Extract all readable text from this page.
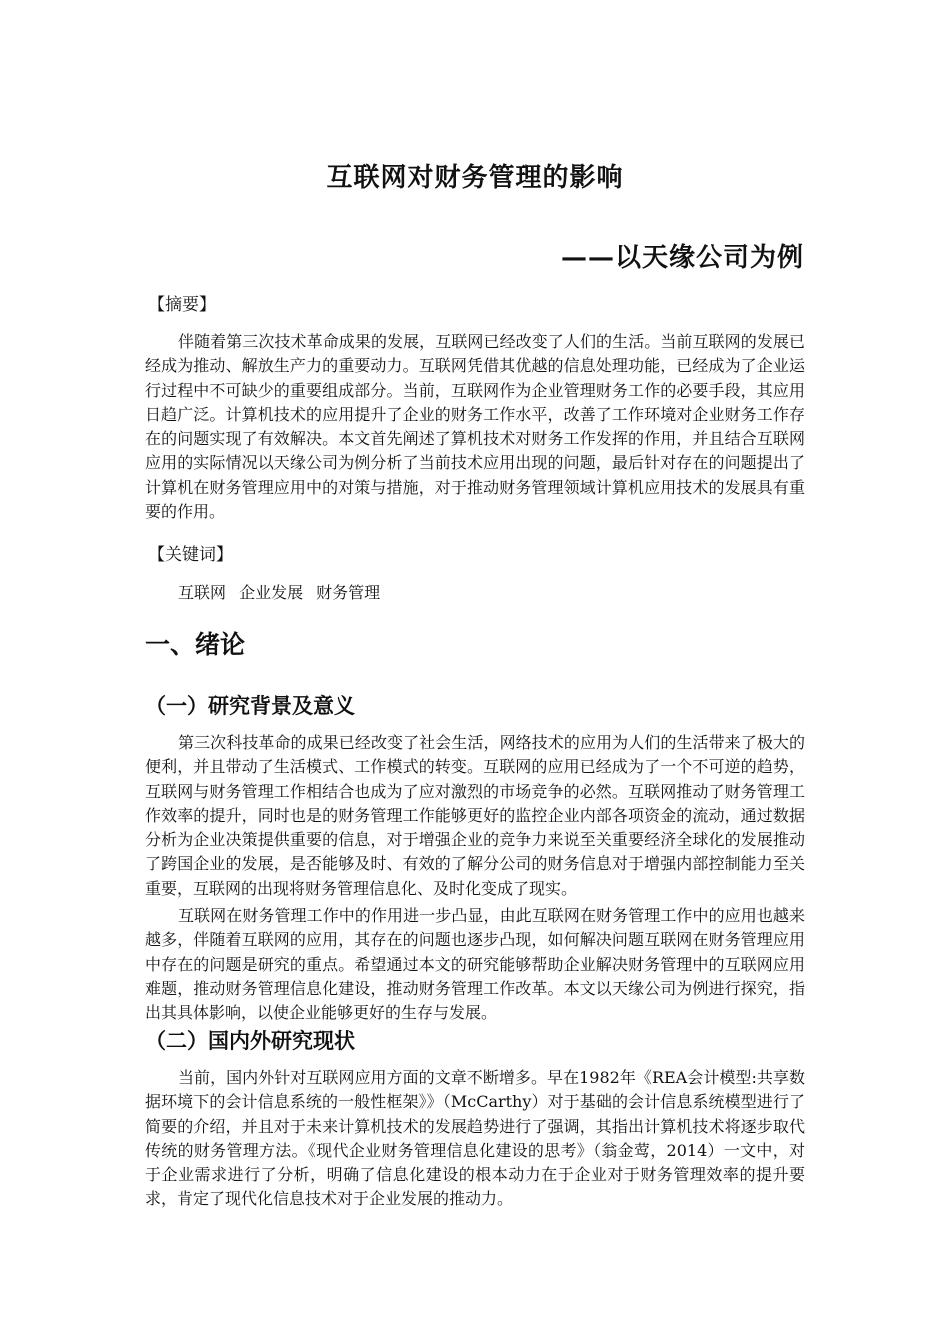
互联网对财务管理的影响
——以天缘公司为例
【摘要】

伴随着第三次技术革命成果的发展，互联网已经改变了人们的生活。当前互联网的发展已经成为推动、解放生产力的重要动力。互联网凭借其优越的信息处理功能，已经成为了企业运行过程中不可缺少的重要组成部分。当前，互联网作为企业管理财务工作的必要手段，其应用日趋广泛。计算机技术的应用提升了企业的财务工作水平，改善了工作环境对企业财务工作存在的问题实现了有效解决。本文首先阐述了算机技术对财务工作发挥的作用，并且结合互联网应用的实际情况以天缘公司为例分析了当前技术应用出现的问题，最后针对存在的问题提出了计算机在财务管理应用中的对策与措施，对于推动财务管理领域计算机应用技术的发展具有重要的作用。

【关键词】
互联网 企业发展 财务管理
一、绪论
（一）研究背景及意义

第三次科技革命的成果已经改变了社会生活，网络技术的应用为人们的生活带来了极大的便利，并且带动了生活模式、工作模式的转变。互联网的应用已经成为了一个不可逆的趋势，互联网与财务管理工作相结合也成为了应对激烈的市场竞争的必然。互联网推动了财务管理工作效率的提升，同时也是的财务管理工作能够更好的监控企业内部各项资金的流动，通过数据分析为企业决策提供重要的信息，对于增强企业的竞争力来说至关重要经济全球化的发展推动了跨国企业的发展，是否能够及时、有效的了解分公司的财务信息对于增强内部控制能力至关重要，互联网的出现将财务管理信息化、及时化变成了现实。

互联网在财务管理工作中的作用进一步凸显，由此互联网在财务管理工作中的应用也越来越多，伴随着互联网的应用，其存在的问题也逐步凸现，如何解决问题互联网在财务管理应用中存在的问题是研究的重点。希望通过本文的研究能够帮助企业解决财务管理中的互联网应用难题，推动财务管理信息化建设，推动财务管理工作改革。本文以天缘公司为例进行探究，指出其具体影响，以使企业能够更好的生存与发展。

（二）国内外研究现状

当前，国内外针对互联网应用方面的文章不断增多。早在1982年《REA会计模型:共享数据环境下的会计信息系统的一般性框架》》（McCarthy）对于基础的会计信息系统模型进行了简要的介绍，并且对于未来计算机技术的发展趋势进行了强调，其指出计算机技术将逐步取代传统的财务管理方法。《现代企业财务管理信息化建设的思考》（翁金莺，2014）一文中，对于企业需求进行了分析，明确了信息化建设的根本动力在于企业对于财务管理效率的提升要求，肯定了现代化信息技术对于企业发展的推动力。
